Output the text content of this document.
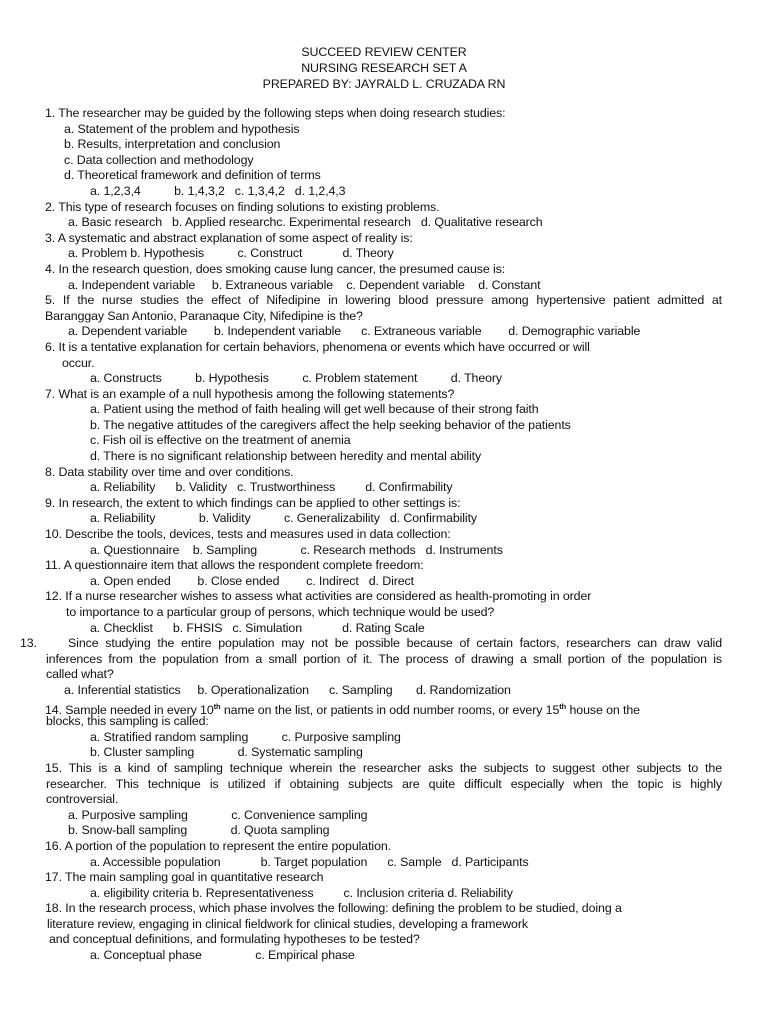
SUCCEED REVIEW CENTER
NURSING RESEARCH SET A
PREPARED BY: JAYRALD L. CRUZADA RN
1. The researcher may be guided by the following steps when doing research studies:
a. Statement of the problem and hypothesis
b. Results, interpretation and conclusion
c. Data collection and methodology
d. Theoretical framework and definition of terms
a. 1,2,3,4          b. 1,4,3,2   c. 1,3,4,2   d. 1,2,4,3
2. This type of research focuses on finding solutions to existing problems.
a. Basic research   b. Applied researchc. Experimental research   d. Qualitative research
3. A systematic and abstract explanation of some aspect of reality is:
a. Problem b. Hypothesis          c. Construct            d. Theory
4. In the research question, does smoking cause lung cancer, the presumed cause is:
a. Independent variable     b. Extraneous variable    c. Dependent variable    d. Constant
5. If the nurse studies the effect of Nifedipine in lowering blood pressure among hypertensive patient admitted at
Baranggay San Antonio, Paranaque City, Nifedipine is the?
a. Dependent variable        b. Independent variable      c. Extraneous variable        d. Demographic variable
6. It is a tentative explanation for certain behaviors, phenomena or events which have occurred or will
occur.
a. Constructs          b. Hypothesis          c. Problem statement          d. Theory
7. What is an example of a null hypothesis among the following statements?
a. Patient using the method of faith healing will get well because of their strong faith
b. The negative attitudes of the caregivers affect the help seeking behavior of the patients
c. Fish oil is effective on the treatment of anemia
d. There is no significant relationship between heredity and mental ability
8. Data stability over time and over conditions.
a. Reliability      b. Validity   c. Trustworthiness         d. Confirmability
9. In research, the extent to which findings can be applied to other settings is:
a. Reliability             b. Validity          c. Generalizability   d. Confirmability
10. Describe the tools, devices, tests and measures used in data collection:
a. Questionnaire    b. Sampling             c. Research methods   d. Instruments
11. A questionnaire item that allows the respondent complete freedom:
a. Open ended        b. Close ended        c. Indirect   d. Direct
12. If a nurse researcher wishes to assess what activities are considered as health-promoting in order
to importance to a particular group of persons, which technique would be used?
a. Checklist      b. FHSIS   c. Simulation            d. Rating Scale
13.	Since studying the entire population may not be possible because of certain factors, researchers can draw valid
inferences from the population from a small portion of it. The process of drawing a small portion of the population is
called what?
a. Inferential statistics     b. Operationalization      c. Sampling       d. Randomization
14. Sample needed in every 10th name on the list, or patients in odd number rooms, or every 15th house on the
blocks, this sampling is called:
a. Stratified random sampling          c. Purposive sampling
b. Cluster sampling             d. Systematic sampling
15. This is a kind of sampling technique wherein the researcher asks the subjects to suggest other subjects to the
researcher. This technique is utilized if obtaining subjects are quite difficult especially when the topic is highly
controversial.
a. Purposive sampling             c. Convenience sampling
b. Snow-ball sampling             d. Quota sampling
16. A portion of the population to represent the entire population.
a. Accessible population            b. Target population      c. Sample   d. Participants
17. The main sampling goal in quantitative research
a. eligibility criteria b. Representativeness         c. Inclusion criteria d. Reliability
18. In the research process, which phase involves the following: defining the problem to be studied, doing a
literature review, engaging in clinical fieldwork for clinical studies, developing a framework
and conceptual definitions, and formulating hypotheses to be tested?
a. Conceptual phase                c. Empirical phase
